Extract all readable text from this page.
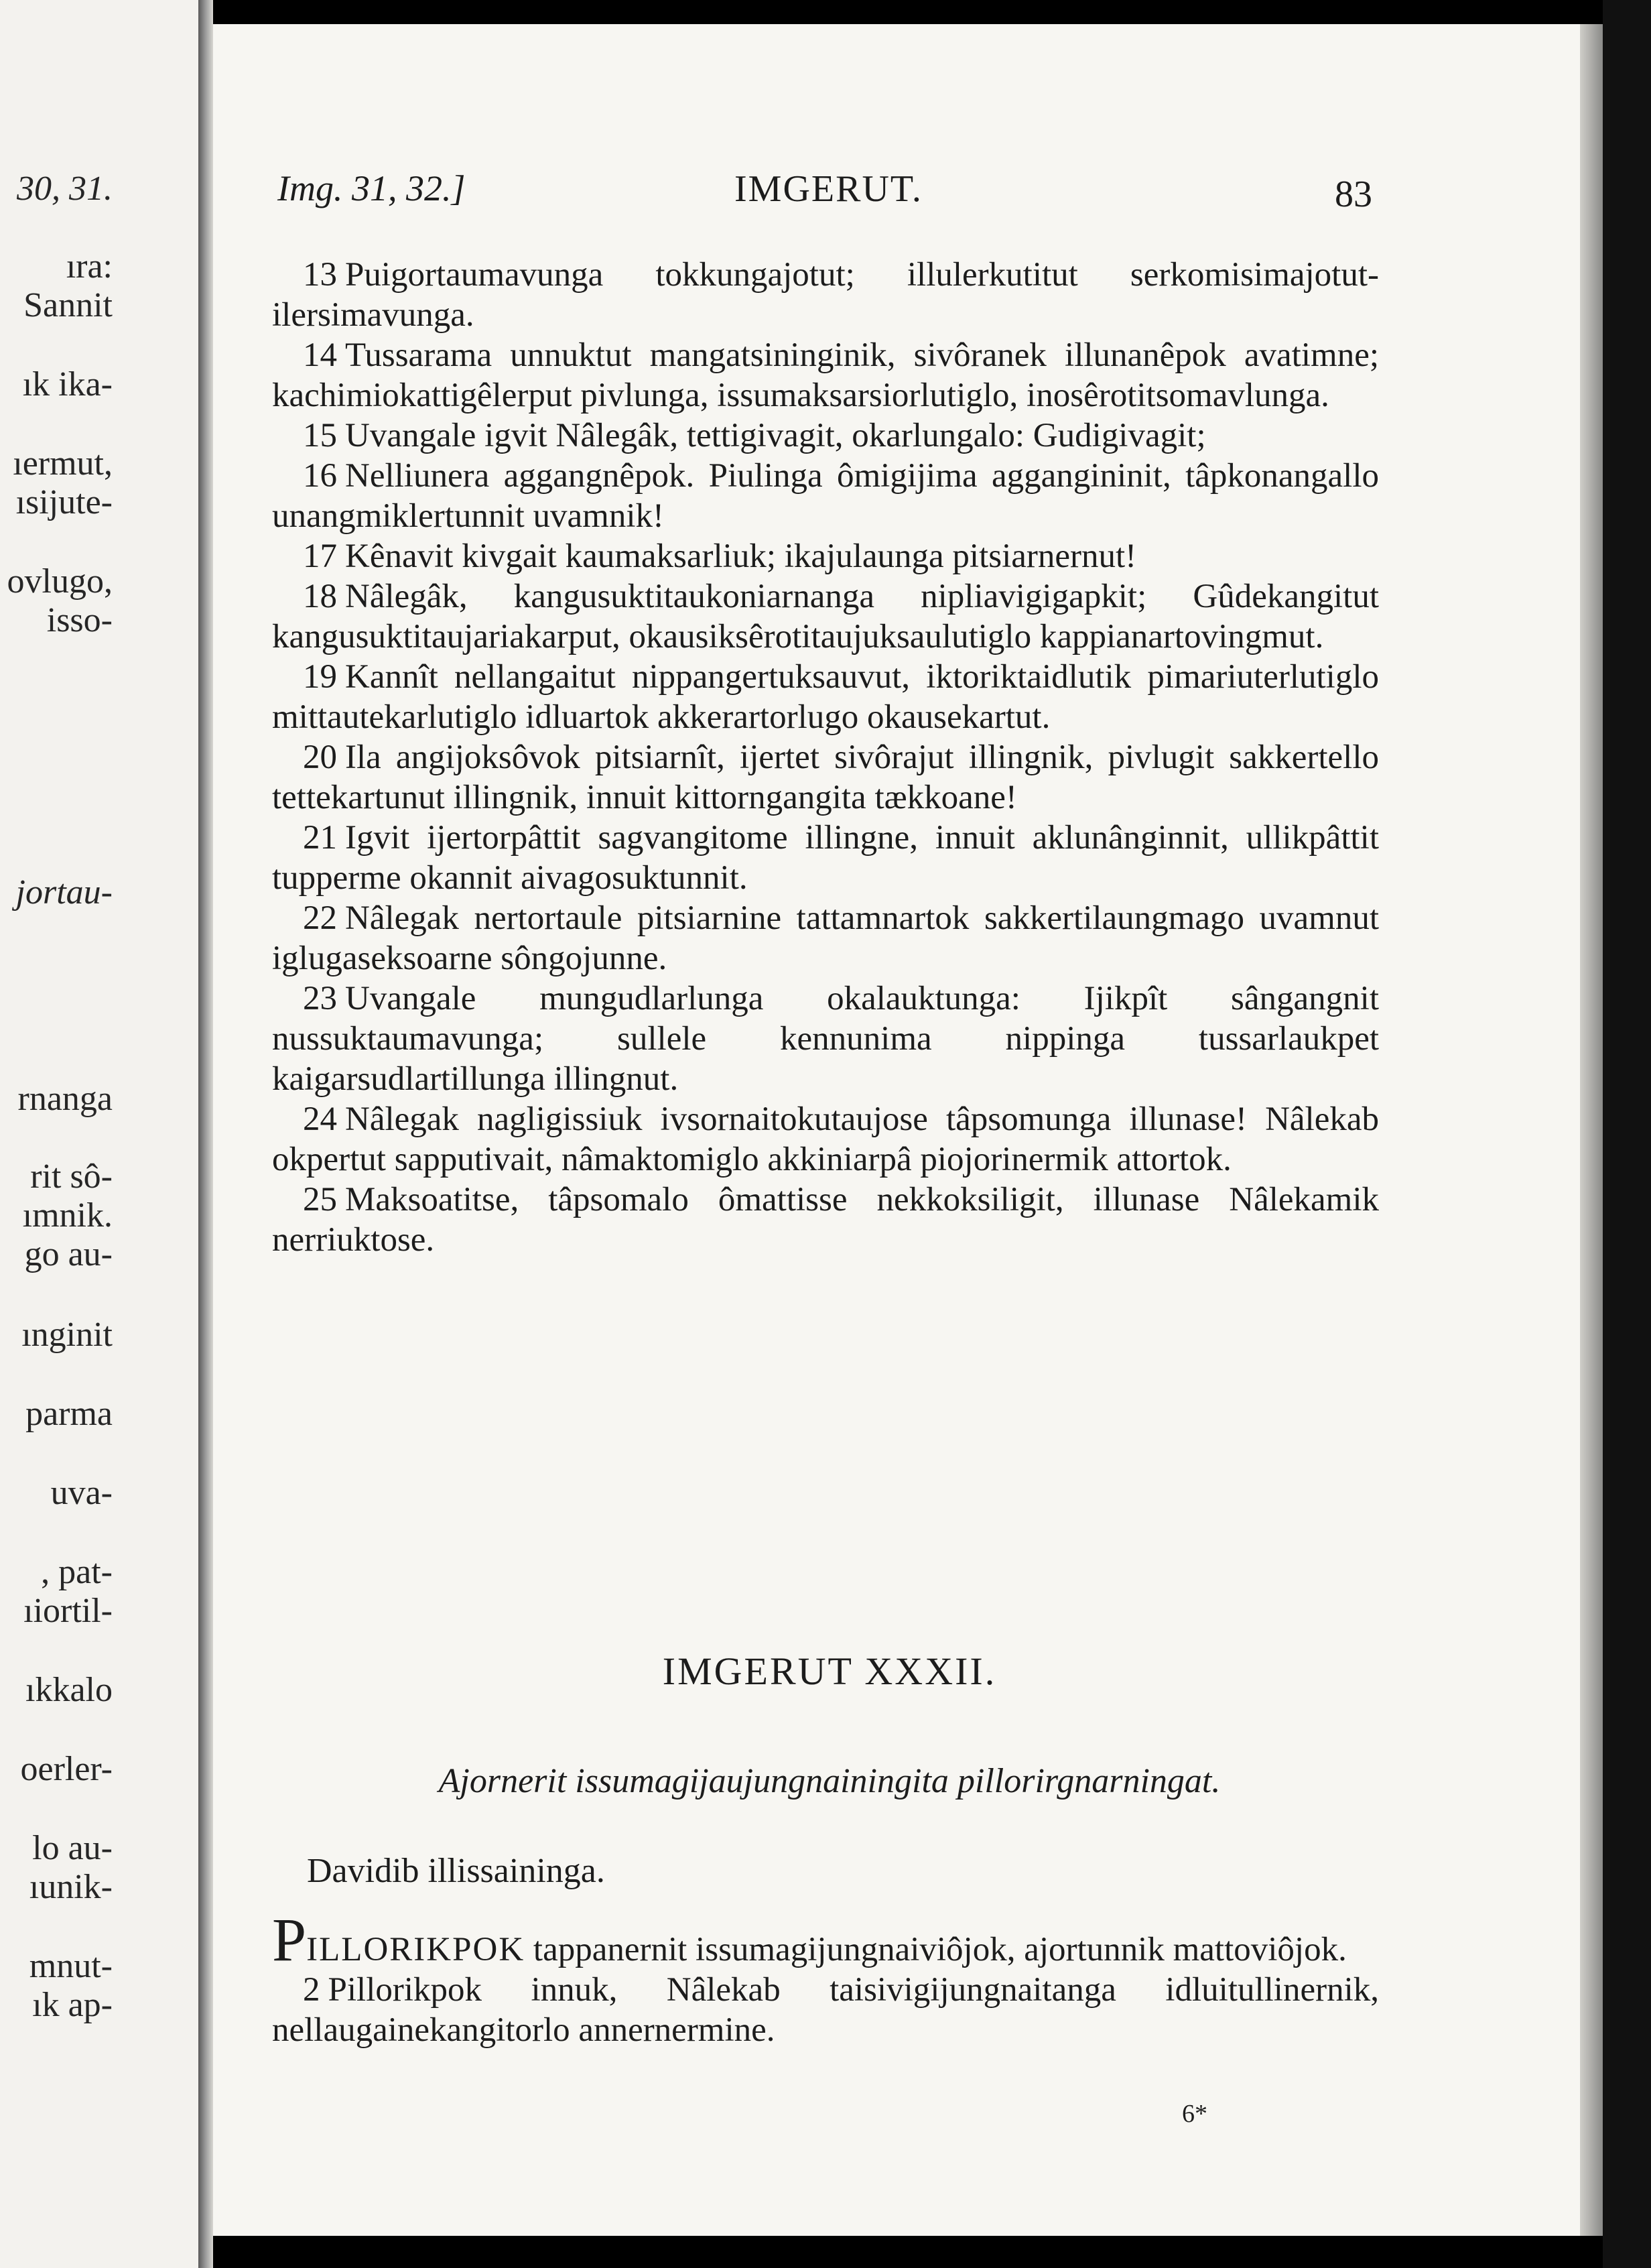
30, 31.
ıra:
Sannit
ık ika-
ıermut,
ısijute-
ovlugo,
isso-
jortau-
rnanga
rit sô-
ımnik.
go au-
ınginit
parma
uva-
, pat-
ıiortil-
ıkkalo
oerler-
lo au-
ıunik-
mnut-
ık ap-
Img. 31, 32.]	IMGERUT.	83

13 Puigortaumavunga tokkungajotut; illulerkutitut serkomisimajotut-ilersimavunga.

14 Tussarama unnuktut mangatsininginik, sivôranek illunanêpok avatimne; kachimiokattigêlerput pivlunga, issumaksarsiorlutiglo, inosêrotitsomavlunga.

15 Uvangale igvit Nâlegâk, tettigivagit, okarlungalo: Gudigivagit;

16 Nelliunera aggangnêpok. Piulinga ômigijima aggangininit, tâpkonangallo unangmiklertunnit uvamnik!

17 Kênavit kivgait kaumaksarliuk; ikajulaunga pitsiarnernut!

18 Nâlegâk, kangusuktitaukoniarnanga nipliavigigapkit; Gûdekangitut kangusuktitaujariakarput, okausiksêrotitaujuksaulutiglo kappianartovingmut.

19 Kannît nellangaitut nippangertuksauvut, iktoriktaidlutik pimariuterlutiglo mittautekarlutiglo idluartok akkerartorlugo okausekartut.

20 Ila angijoksôvok pitsiarnît, ijertet sivôrajut illingnik, pivlugit sakkertello tettekartunut illingnik, innuit kittorngangita tækkoane!

21 Igvit ijertorpâttit sagvangitome illingne, innuit aklunânginnit, ullikpâttit tupperme okannit aivagosuktunnit.

22 Nâlegak nertortaule pitsiarnine tattamnartok sakkertilaungmago uvamnut iglugaseksoarne sôngojunne.

23 Uvangale mungudlarlunga okalauktunga: Ijikpît sângangnit nussuktaumavunga; sullele kennunima nippinga tussarlaukpet kaigarsudlartillunga illingnut.

24 Nâlegak nagligissiuk ivsornaitokutaujose tâpsomunga illunase! Nâlekab okpertut sapputivait, nâmaktomiglo akkiniarpâ piojorinermik attortok.

25 Maksoatitse, tâpsomalo ômattisse nekkoksiligit, illunase Nâlekamik nerriuktose.

IMGERUT XXXII.
Ajornerit issumagijaujungnainingita pillorirgnarningat.
Davidib illissaininga.

PILLORIKPOK tappanernit issumagijungnaiviôjok, ajortunnik mattoviôjok.

2 Pillorikpok innuk, Nâlekab taisivigijungnaitanga idluitullinernik, nellaugainekangitorlo annernermine.

6*
